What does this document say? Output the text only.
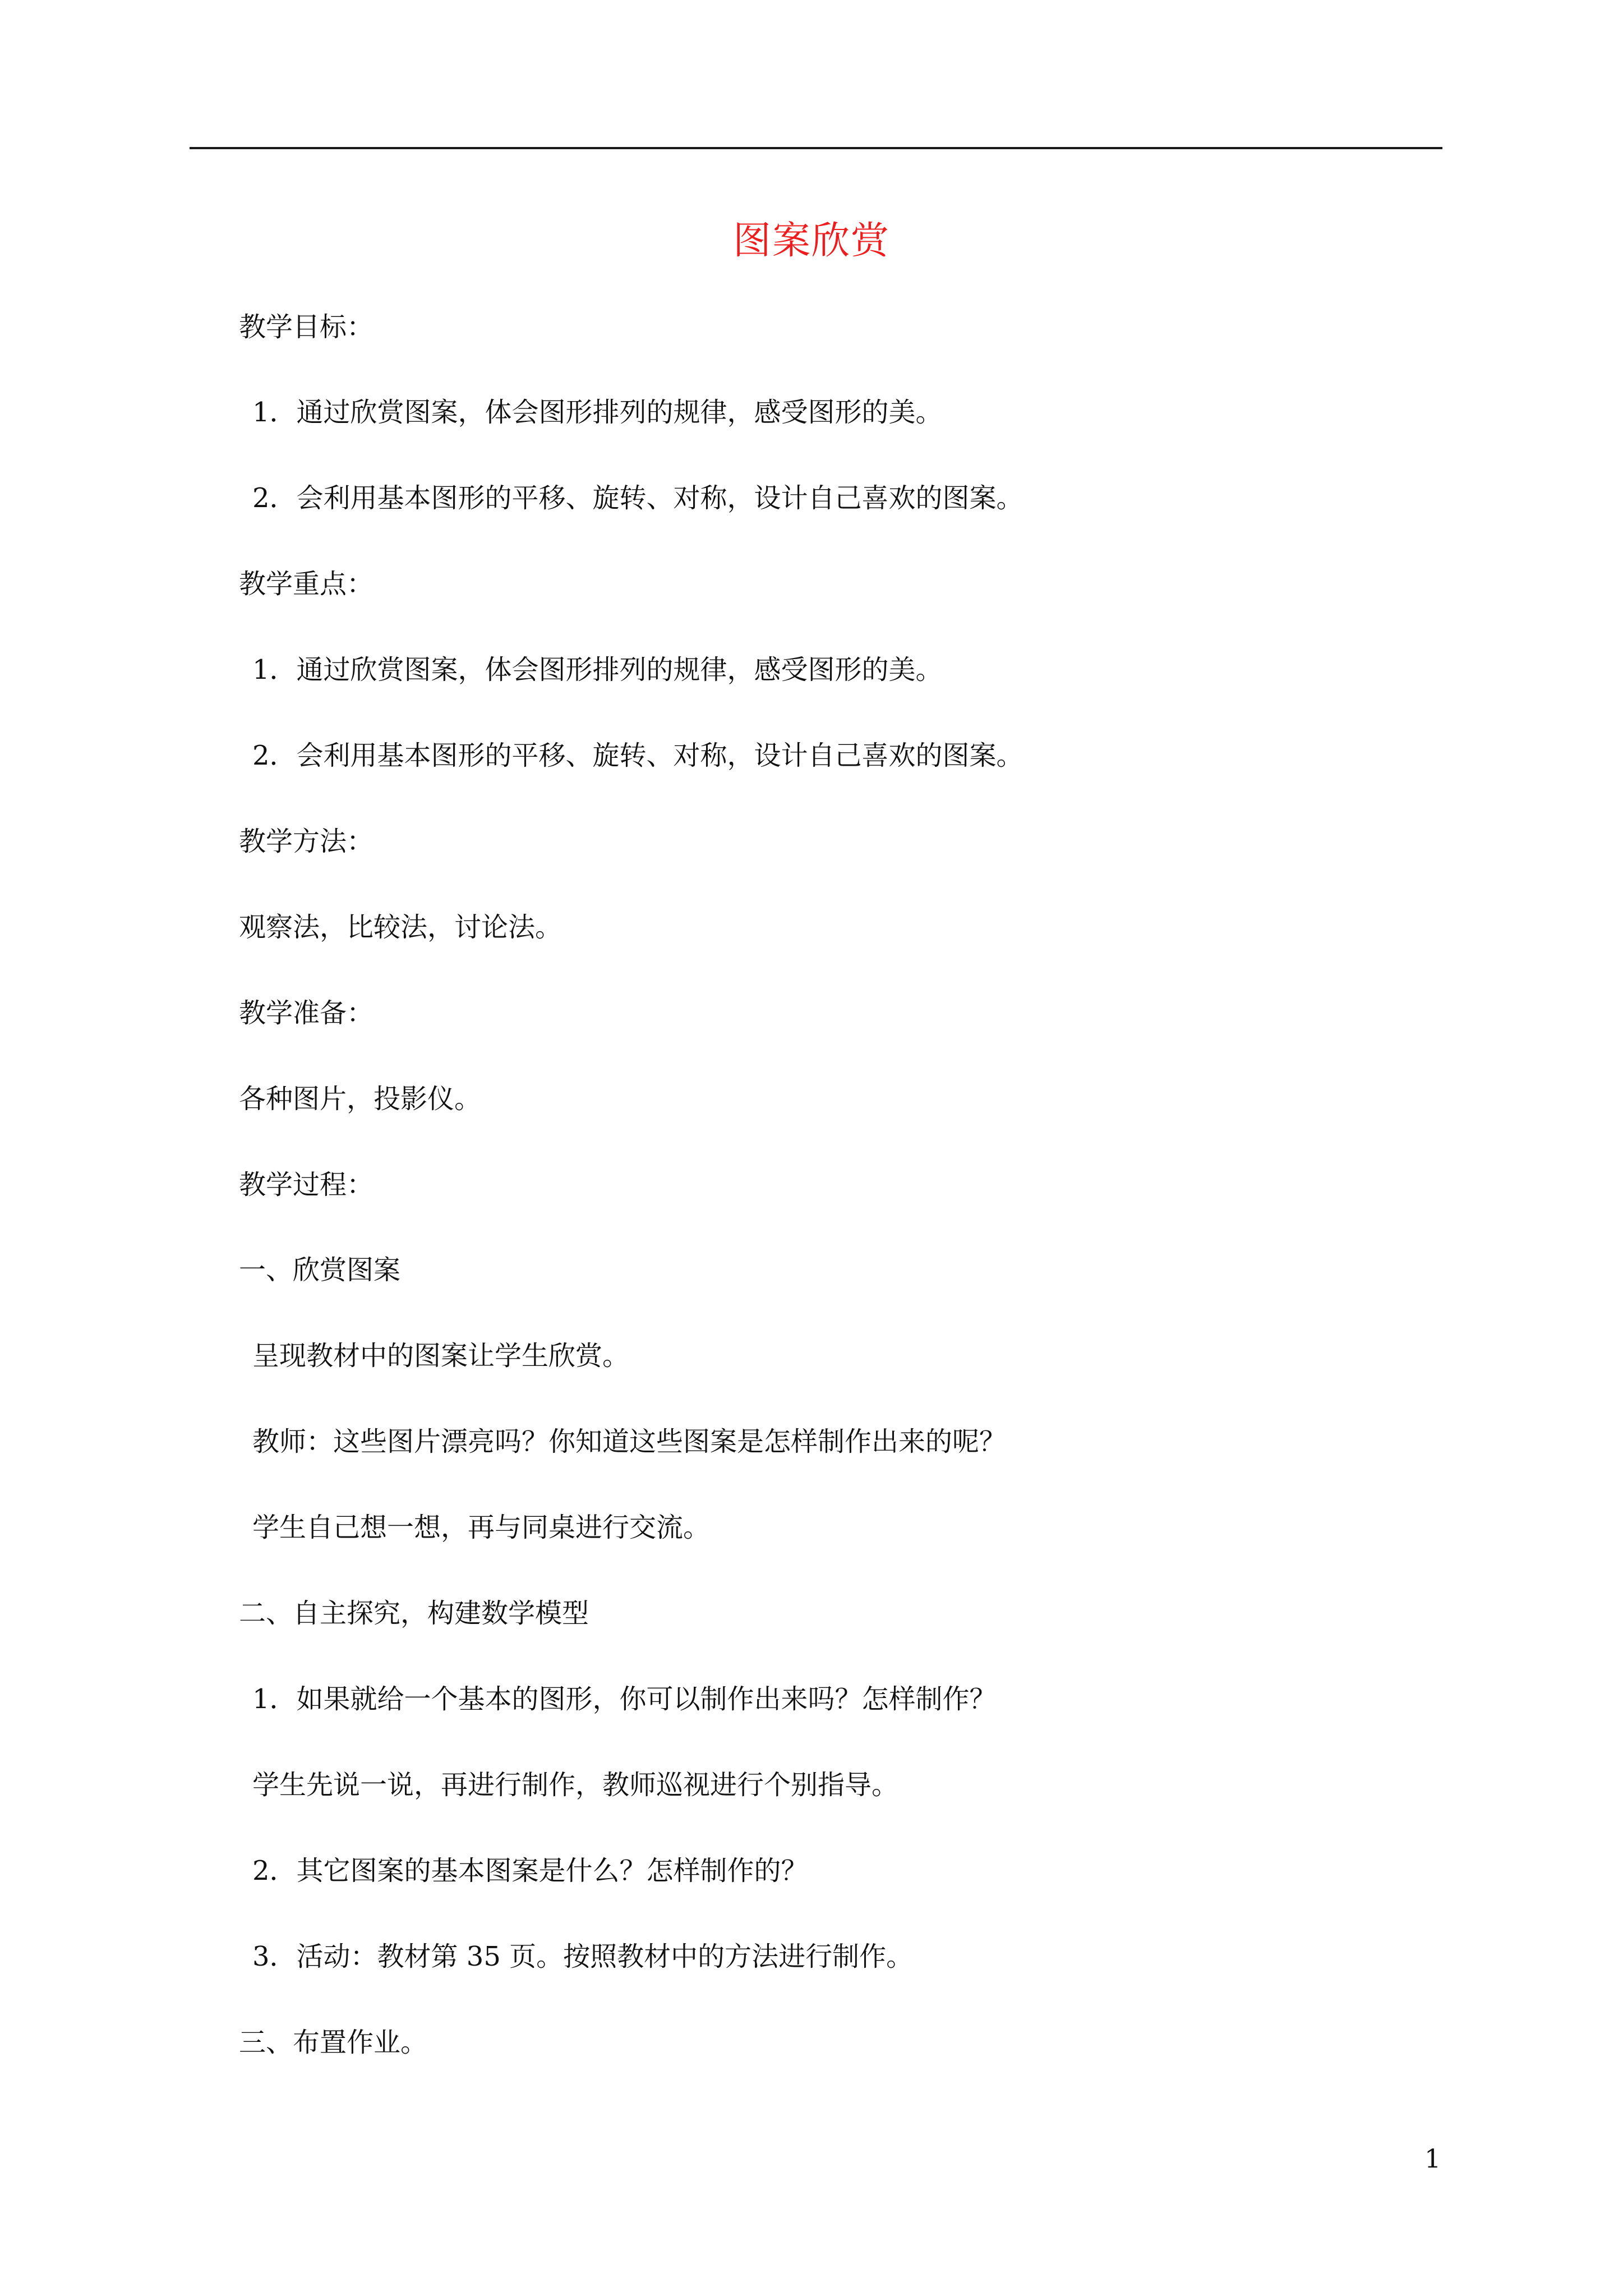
图案欣赏
教学目标：
1．通过欣赏图案，体会图形排列的规律，感受图形的美。
2．会利用基本图形的平移、旋转、对称，设计自己喜欢的图案。
教学重点：
1．通过欣赏图案，体会图形排列的规律，感受图形的美。
2．会利用基本图形的平移、旋转、对称，设计自己喜欢的图案。
教学方法：
观察法，比较法，讨论法。
教学准备：
各种图片，投影仪。
教学过程：
一、欣赏图案
呈现教材中的图案让学生欣赏。
教师：这些图片漂亮吗？你知道这些图案是怎样制作出来的呢？
学生自己想一想，再与同桌进行交流。
二、自主探究，构建数学模型
1．如果就给一个基本的图形，你可以制作出来吗？怎样制作？
学生先说一说，再进行制作，教师巡视进行个别指导。
2．其它图案的基本图案是什么？怎样制作的？
3．活动：教材第 35 页。按照教材中的方法进行制作。
三、布置作业。
1
